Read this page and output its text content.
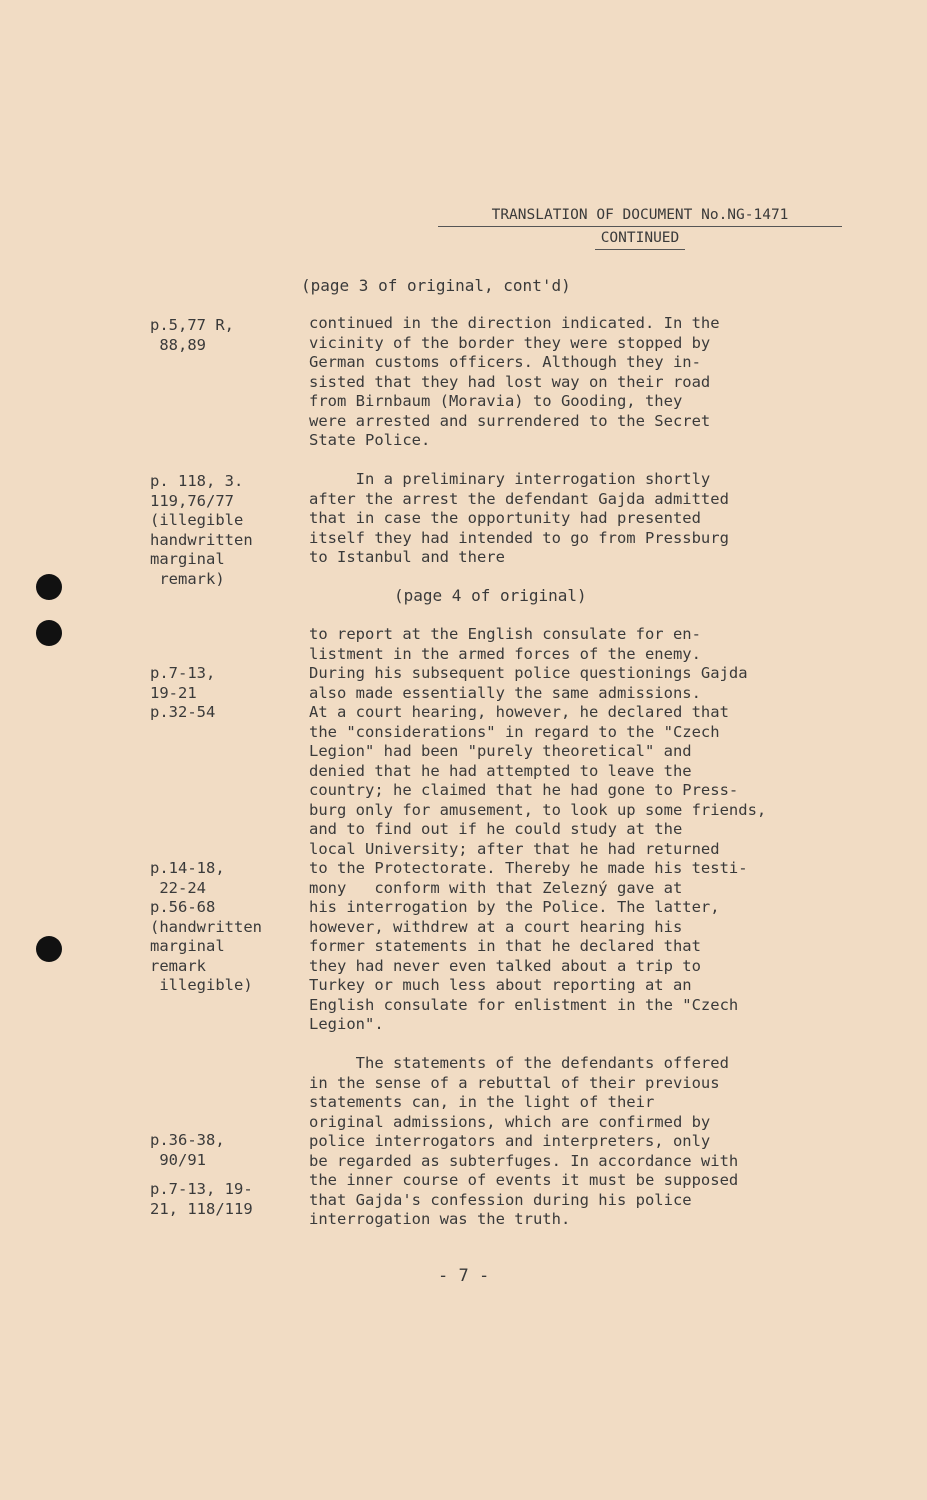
TRANSLATION OF DOCUMENT No.NG-1471
CONTINUED
(page 3 of original, cont'd)
p.5,77 R,
88,89
continued in the direction indicated. In the
vicinity of the border they were stopped by
German customs officers. Although they in-
sisted that they had lost way on their road
from Birnbaum (Moravia) to Gooding, they
were arrested and surrendered to the Secret
State Police.
p. 118, 3.
119,76/77
(illegible
handwritten
marginal
remark)
In a preliminary interrogation shortly
after the arrest the defendant Gajda admitted
that in case the opportunity had presented
itself they had intended to go from Pressburg
to Istanbul and there
(page 4 of original)
p.7-13,
19-21
p.32-54
p.14-18,
22-24
p.56-68
(handwritten
marginal
remark
illegible)
to report at the English consulate for en-
listment in the armed forces of the enemy.
During his subsequent police questionings Gajda
also made essentially the same admissions.
At a court hearing, however, he declared that
the "considerations" in regard to the "Czech
Legion" had been "purely theoretical" and
denied that he had attempted to leave the
country; he claimed that he had gone to Press-
burg only for amusement, to look up some friends,
and to find out if he could study at the
local University; after that he had returned
to the Protectorate. Thereby he made his testi-
mony   conform with that Zelezný gave at
his interrogation by the Police. The latter,
however, withdrew at a court hearing his
former statements in that he declared that
they had never even talked about a trip to
Turkey or much less about reporting at an
English consulate for enlistment in the "Czech
Legion".
p.36-38,
90/91
p.7-13, 19-
21, 118/119
The statements of the defendants offered
in the sense of a rebuttal of their previous
statements can, in the light of their
original admissions, which are confirmed by
police interrogators and interpreters, only
be regarded as subterfuges. In accordance with
the inner course of events it must be supposed
that Gajda's confession during his police
interrogation was the truth.
- 7 -
